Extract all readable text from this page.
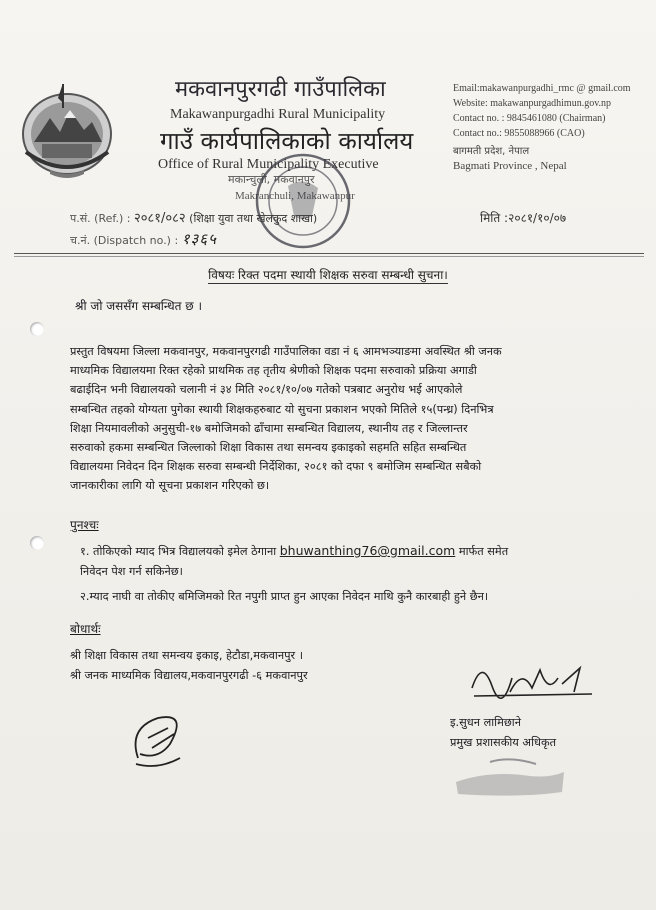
मकवानपुरगढी गाउँपालिका
Makawanpurgadhi Rural Municipality
गाउँ कार्यपालिकाको कार्यालय
Office of Rural Municipality Executive
मकान्चुली, मकवानपुर
Makranchuli, Makawanpur
Email:makawanpurgadhi_rmc @ gmail.com
Website: makawanpurgadhimun.gov.np
Contact no. : 9845461080 (Chairman)
Contact no.: 9855088966 (CAO)
बागमती प्रदेश, नेपाल
Bagmati Province , Nepal
प.सं. (Ref.) : २०८१/०८२ (शिक्षा युवा तथा खेलकुद शाखा)
च.नं. (Dispatch no.) : १३६५
मिति :२०८१/१०/०७
विषयः रिक्त पदमा स्थायी शिक्षक सरुवा सम्बन्धी सुचना।
श्री जो जससँग सम्बन्धित छ ।
प्रस्तुत विषयमा जिल्ला मकवानपुर, मकवानपुरगढी गाउँपालिका वडा नं ६ आमभञ्याङमा अवस्थित श्री जनक
माध्यमिक विद्यालयमा रिक्त रहेको प्राथमिक तह तृतीय श्रेणीको शिक्षक पदमा सरुवाको प्रक्रिया अगाडी
बढाईदिन भनी विद्यालयको चलानी नं ३४ मिति २०८१/१०/०७ गतेको पत्रबाट अनुरोध भई आएकोले
सम्बन्धित तहको योग्यता पुगेका स्थायी शिक्षकहरुबाट यो सुचना प्रकाशन भएको मितिले १५(पन्ध्र) दिनभित्र
शिक्षा नियमावलीको अनुसुची-१७ बमोजिमको ढाँचामा सम्बन्धित विद्यालय, स्थानीय तह र जिल्लान्तर
सरुवाको हकमा सम्बन्धित जिल्लाको शिक्षा विकास तथा समन्वय इकाइको सहमति सहित सम्बन्धित
विद्यालयमा निवेदन दिन शिक्षक सरुवा सम्बन्धी निर्देशिका, २०८१ को दफा ९ बमोजिम सम्बन्धित सबैको
जानकारीका लागि यो सूचना प्रकाशन गरिएको छ।
पुनश्चः
१. तोकिएको म्याद भित्र विद्यालयको इमेल ठेगाना bhuwanthing76@gmail.com मार्फत समेत
निवेदन पेश गर्न सकिनेछ।
२.म्याद नाघी वा तोकीए बमिजिमको रित नपुगी प्राप्त हुन आएका निवेदन माथि कुनै कारबाही हुने छैन।
बोधार्थः
श्री शिक्षा विकास तथा समन्वय इकाइ, हेटौडा,मकवानपुर ।
श्री जनक माध्यमिक विद्यालय,मकवानपुरगढी -६ मकवानपुर
इ.सुधन लामिछाने
प्रमुख प्रशासकीय अधिकृत
